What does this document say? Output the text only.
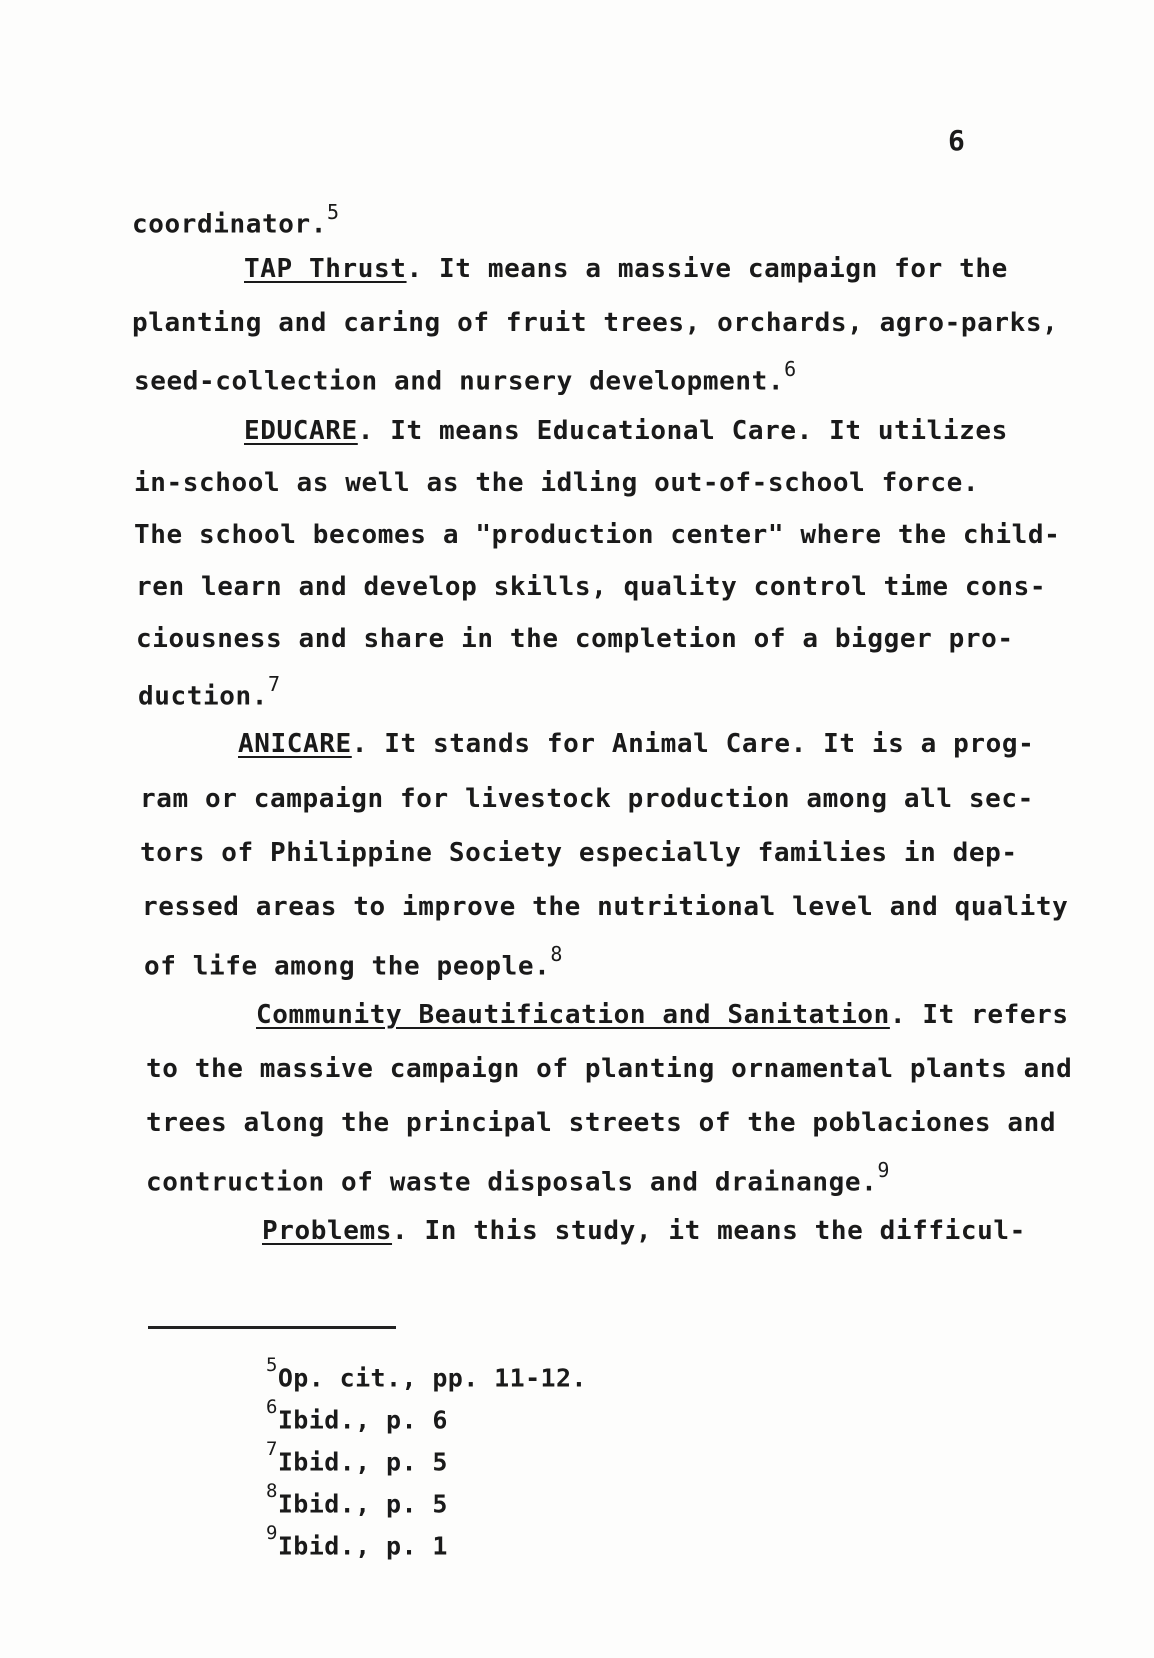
6
coordinator.$^5$
TAP Thrust. It means a massive campaign for the
planting and caring of fruit trees, orchards, agro-parks,
seed-collection and nursery development.$^6$
EDUCARE. It means Educational Care. It utilizes
in-school as well as the idling out-of-school force.
The school becomes a "production center" where the child-
ren learn and develop skills, quality control time cons-
ciousness and share in the completion of a bigger pro-
duction.$^7$
ANICARE. It stands for Animal Care. It is a prog-
ram or campaign for livestock production among all sec-
tors of Philippine Society especially families in dep-
ressed areas to improve the nutritional level and quality
of life among the people.$^8$
Community Beautification and Sanitation. It refers
to the massive campaign of planting ornamental plants and
trees along the principal streets of the poblaciones and
contruction of waste disposals and drainange.$^9$
Problems. In this study, it means the difficul-
$^5$Op. cit., pp. 11-12.
$^6$Ibid., p. 6
$^7$Ibid., p. 5
$^8$Ibid., p. 5
$^9$Ibid., p. 1
